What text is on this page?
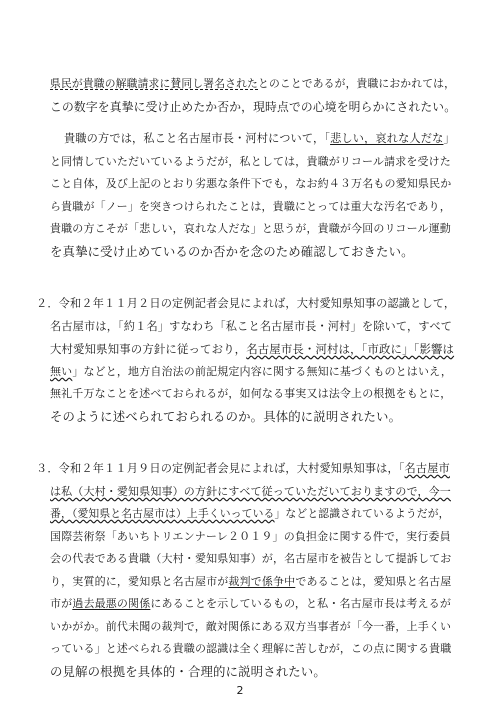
県民が貴職の解職請求に賛同し署名されたとのことであるが，貴職におかれては，
この数字を真摯に受け止めたか否か，現時点での心境を明らかにされたい。
貴職の方では，私こと名古屋市長・河村について，「悲しい，哀れな人だな」
と同情していただいているようだが，私としては，貴職がリコール請求を受けた
こと自体，及び上記のとおり劣悪な条件下でも，なお約４３万名もの愛知県民か
ら貴職が「ノー」を突きつけられたことは，貴職にとっては重大な汚名であり，
貴職の方こそが「悲しい，哀れな人だな」と思うが，貴職が今回のリコール運動
を真摯に受け止めているのか否かを念のため確認しておきたい。
２．令和２年１１月２日の定例記者会見によれば，大村愛知県知事の認識として，
名古屋市は，「約１名」すなわち「私こと名古屋市長・河村」を除いて，すべて
大村愛知県知事の方針に従っており，名古屋市長・河村は，「市政に」「影響は
無い」などと，地方自治法の前記規定内容に関する無知に基づくものとはいえ，
無礼千万なことを述べておられるが，如何なる事実又は法令上の根拠をもとに，
そのように述べられておられるのか。具体的に説明されたい。
３．令和２年１１月９日の定例記者会見によれば，大村愛知県知事は，「名古屋市
は私（大村・愛知県知事）の方針にすべて従っていただいておりますので，今一
番，（愛知県と名古屋市は）上手くいっている」などと認識されているようだが，
国際芸術祭「あいちトリエンナーレ２０１９」の負担金に関する件で，実行委員
会の代表である貴職（大村・愛知県知事）が，名古屋市を被告として提訴してお
り，実質的に，愛知県と名古屋市が裁判で係争中であることは，愛知県と名古屋
市が過去最悪の関係にあることを示しているもの，と私・名古屋市長は考えるが
いかがか。前代未聞の裁判で，敵対関係にある双方当事者が「今一番，上手くい
っている」と述べられる貴職の認識は全く理解に苦しむが，この点に関する貴職
の見解の根拠を具体的・合理的に説明されたい。
2
